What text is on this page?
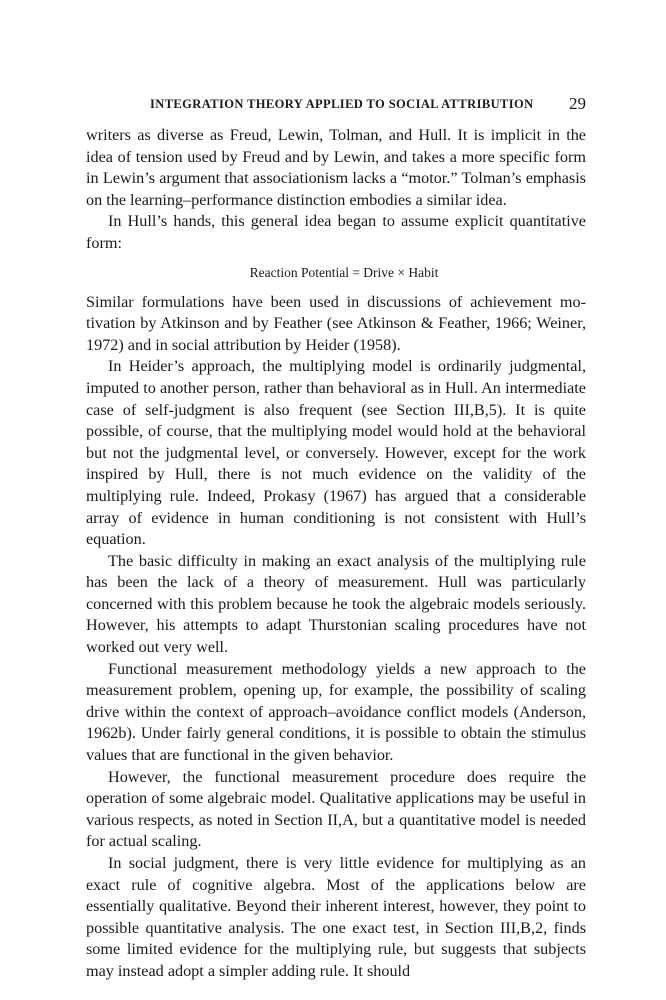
INTEGRATION THEORY APPLIED TO SOCIAL ATTRIBUTION 29

writers as diverse as Freud, Lewin, Tolman, and Hull. It is implicit in the idea of tension used by Freud and by Lewin, and takes a more specific form in Lewin’s argument that associationism lacks a “motor.” Tolman’s emphasis on the learning–performance distinction embodies a similar idea.

In Hull’s hands, this general idea began to assume explicit quantitative form:

Reaction Potential = Drive × Habit

Similar formulations have been used in discussions of achievement motivation by Atkinson and by Feather (see Atkinson & Feather, 1966; Weiner, 1972) and in social attribution by Heider (1958).

In Heider’s approach, the multiplying model is ordinarily judgmental, imputed to another person, rather than behavioral as in Hull. An intermediate case of self-judgment is also frequent (see Section III,B,5). It is quite possible, of course, that the multiplying model would hold at the behavioral but not the judgmental level, or conversely. However, except for the work inspired by Hull, there is not much evidence on the validity of the multiplying rule. Indeed, Prokasy (1967) has argued that a considerable array of evidence in human conditioning is not consistent with Hull’s equation.

The basic difficulty in making an exact analysis of the multiplying rule has been the lack of a theory of measurement. Hull was particularly concerned with this problem because he took the algebraic models seriously. However, his attempts to adapt Thurstonian scaling procedures have not worked out very well.

Functional measurement methodology yields a new approach to the measurement problem, opening up, for example, the possibility of scaling drive within the context of approach–avoidance conflict models (Anderson, 1962b). Under fairly general conditions, it is possible to obtain the stimulus values that are functional in the given behavior.

However, the functional measurement procedure does require the operation of some algebraic model. Qualitative applications may be useful in various respects, as noted in Section II,A, but a quantitative model is needed for actual scaling.

In social judgment, there is very little evidence for multiplying as an exact rule of cognitive algebra. Most of the applications below are essentially qualitative. Beyond their inherent interest, however, they point to possible quantitative analysis. The one exact test, in Section III,B,2, finds some limited evidence for the multiplying rule, but suggests that subjects may instead adopt a simpler adding rule. It should
